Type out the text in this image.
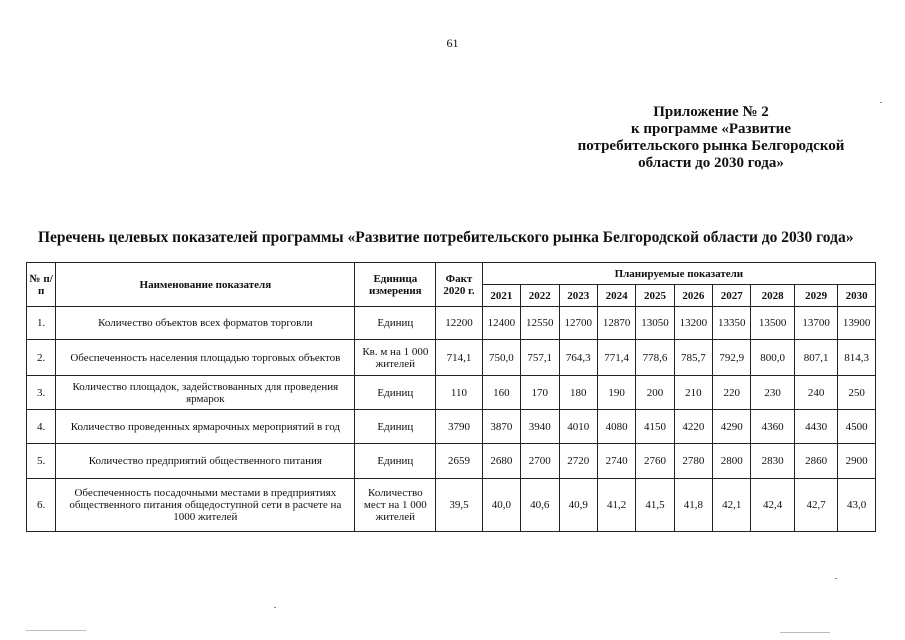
61
Приложение № 2
к программе «Развитие
потребительского рынка Белгородской
области до 2030 года»
Перечень целевых показателей программы «Развитие потребительского рынка Белгородской области до 2030 года»
№ п/п	Наименование показателя	Единица измерения	Факт 2020 г.	Планируемые показатели									
				2021	2022	2023	2024	2025	2026	2027	2028	2029	2030
1.	Количество объектов всех форматов торговли	Единиц	12200	12400	12550	12700	12870	13050	13200	13350	13500	13700	13900
2.	Обеспеченность населения площадью торговых объектов	Кв. м на 1 000 жителей	714,1	750,0	757,1	764,3	771,4	778,6	785,7	792,9	800,0	807,1	814,3
3.	Количество площадок, задействованных для проведения ярмарок	Единиц	110	160	170	180	190	200	210	220	230	240	250
4.	Количество проведенных ярмарочных мероприятий в год	Единиц	3790	3870	3940	4010	4080	4150	4220	4290	4360	4430	4500
5.	Количество предприятий общественного питания	Единиц	2659	2680	2700	2720	2740	2760	2780	2800	2830	2860	2900
6.	Обеспеченность посадочными местами в предприятиях общественного питания общедоступной сети в расчете на 1000 жителей	Количество мест на 1 000 жителей	39,5	40,0	40,6	40,9	41,2	41,5	41,8	42,1	42,4	42,7	43,0
